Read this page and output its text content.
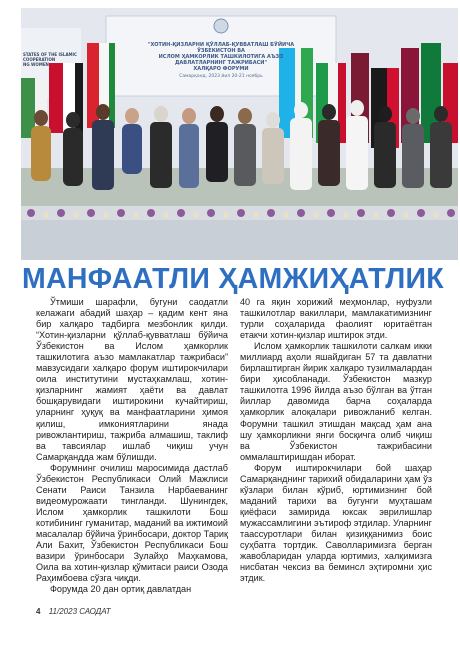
STATES OF THE ISLAMIC
COOPERATION
NG WOMEN
"ХОТИН-ҚИЗЛАРНИ ҚЎЛЛАБ-ҚУВВАТЛАШ БЎЙИЧА ЎЗБЕКИСТОН ВА
ИСЛОМ ҲАМКОРЛИК ТАШКИЛОТИГА АЪЗО ДАВЛАТЛАРНИНГ ТАЖРИБАСИ"
ХАЛҚАРО ФОРУМИ
Самарқанд, 2023 йил 20-21 ноябрь
МАНФААТЛИ ҲАМЖИҲАТЛИК

Ўтмиши шарафли, бугуни саодатли келажаги абадий шаҳар – қадим кент яна бир халқаро тадбирга мезбонлик қилди. “Хотин-қизларни қўллаб-қувватлаш бўйича Ўзбекистон ва Ислом ҳамкорлик ташкилотига аъзо мамлакатлар тажрибаси” мавзусидаги халқаро форум иштирокчилари оила институтини мустаҳкамлаш, хотин-қизларнинг жамият ҳаёти ва давлат бошқарувидаги иштирокини кучайтириш, уларнинг ҳуқуқ ва манфаатларини ҳимоя қилиш, имкониятларини янада ривожлантириш, тажриба алмашиш, таклиф ва тавсиялар ишлаб чиқиш учун Самарқандда жам бўлишди.

Форумнинг очилиш маросимида дастлаб Ўзбекистон Республикаси Олий Мажлиси Сенати Раиси Танзила Нарбаеванинг видеомурожаати тингланди. Шунингдек, Ислом ҳамкорлик ташкилоти Бош котибининг гуманитар, маданий ва ижтимоий масалалар бўйича ўринбосари, доктор Тариқ Али Бахит, Ўзбекистон Республикаси Бош вазири ўринбосари Зулайҳо Маҳкамова, Оила ва хотин-қизлар қўмитаси раиси Озода Раҳимбоева сўзга чиқди.

Форумда 20 дан ортиқ давлатдан

40 га яқин хорижий меҳмонлар, нуфузли ташкилотлар вакиллари, мамлакатимизнинг турли соҳаларида фаолият юритаётган етакчи хотин-қизлар иштирок этди.

Ислом ҳамкорлик ташкилоти салкам икки миллиард аҳоли яшайдиган 57 та давлатни бирлаштирган йирик халқаро тузилмалардан бири ҳисобланади. Ўзбекистон мазкур ташкилотга 1996 йилда аъзо бўлган ва ўтган йиллар давомида барча соҳаларда ҳамкорлик алоқалари ривожланиб келган. Форумни ташкил этишдан мақсад ҳам ана шу ҳамкорликни янги босқичга олиб чиқиш ва Ўзбекистон тажрибасини оммалаштиришдан иборат.

Форум иштирокчилари бой шаҳар Самарқанднинг тарихий обидаларини ҳам ўз кўзлари билан кўриб, юртимизнинг бой маданий тарихи ва бугунги муҳташам қиёфаси замирида юксак эврилишлар мужассамлигини эътироф этдилар. Уларнинг таассуротлари билан қизиққанимиз боис суҳбатга тортдик. Саволларимизга берган жавобларидан уларда юртимиз, халқимизга нисбатан чексиз ва беминсл эҳтиромни ҳис этдик.

4 11/2023 САОДАТ
